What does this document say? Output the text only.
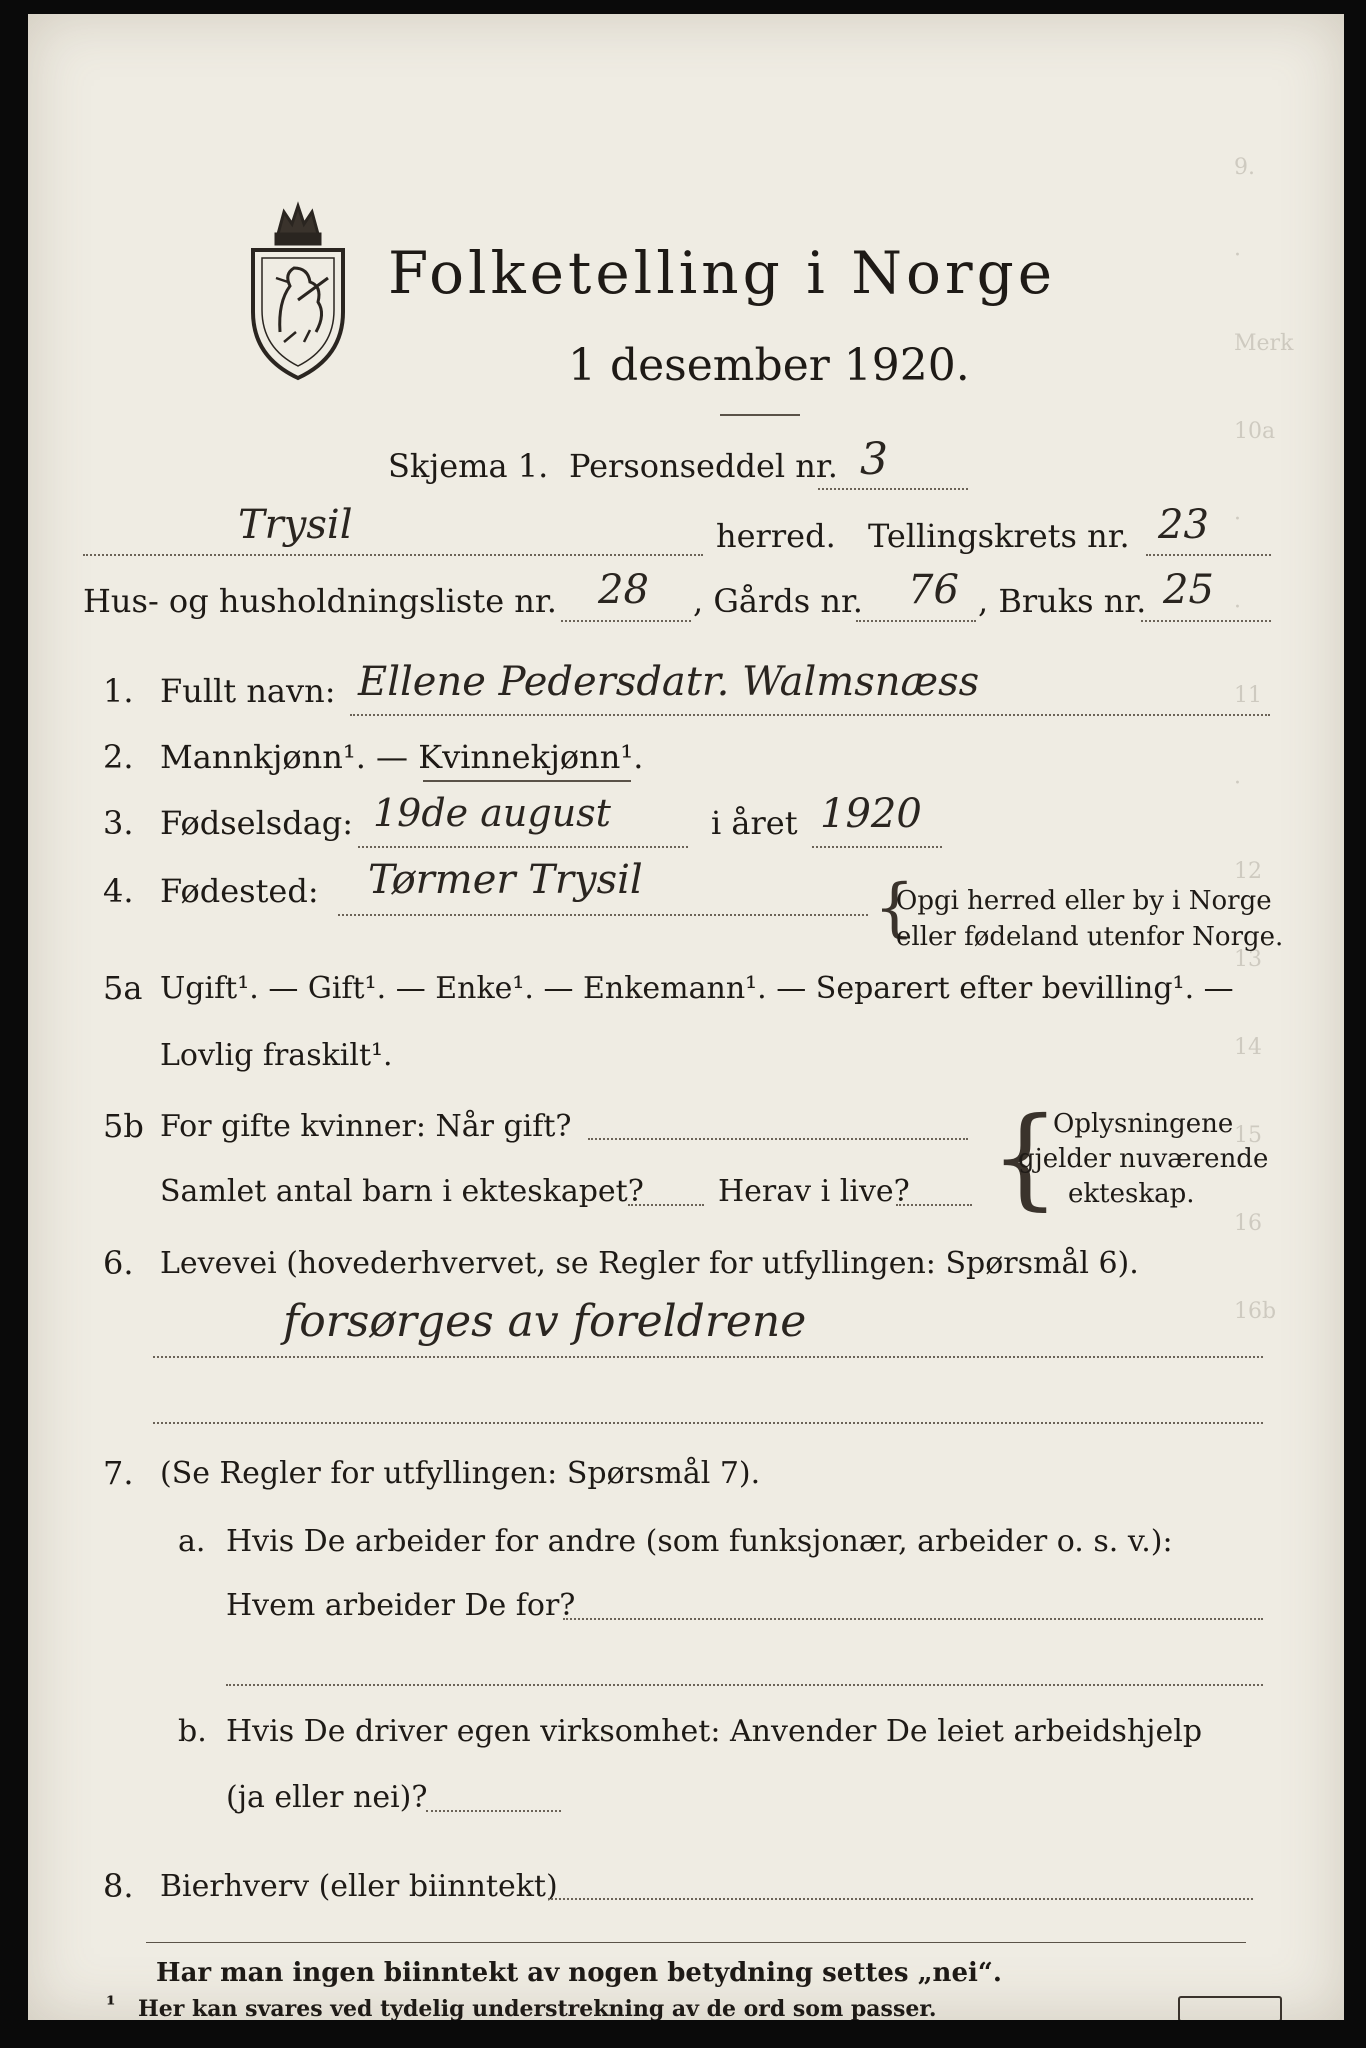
9.
·
Merk
10a
·
·
11
·
12
13
14
15
16
16b
Folketelling i Norge
1 desember 1920.
Skjema 1. Personseddel nr. 3
Trysil	herred. Tellingskrets nr. 23
Hus- og husholdningsliste nr. 28 , Gårds nr. 76 , Bruks nr. 25
1. Fullt navn: Ellene Pedersdatr. Walmsnæss
2. Mannkjønn¹. — Kvinnekjønn¹.
3. Fødselsdag: 19de august	i året 1920
4. Fødested: Tørmer Trysil	{
Opgi herred eller by i Norge
eller fødeland utenfor Norge.
5a Ugift¹. — Gift¹. — Enke¹. — Enkemann¹. — Separert efter bevilling¹. —
Lovlig fraskilt¹.
5b For gifte kvinner: Når gift?
Samlet antal barn i ekteskapet? Herav i live? {
Oplysningene
gjelder nuværende
ekteskap.
6. Levevei (hovederhvervet, se Regler for utfyllingen: Spørsmål 6).
forsørges av foreldrene
7. (Se Regler for utfyllingen: Spørsmål 7).
a. Hvis De arbeider for andre (som funksjonær, arbeider o. s. v.):
Hvem arbeider De for?
b. Hvis De driver egen virksomhet: Anvender De leiet arbeidshjelp
(ja eller nei)?
8. Bierhverv (eller biinntekt)
Har man ingen biinntekt av nogen betydning settes „nei“.
¹ Her kan svares ved tydelig understrekning av de ord som passer.
